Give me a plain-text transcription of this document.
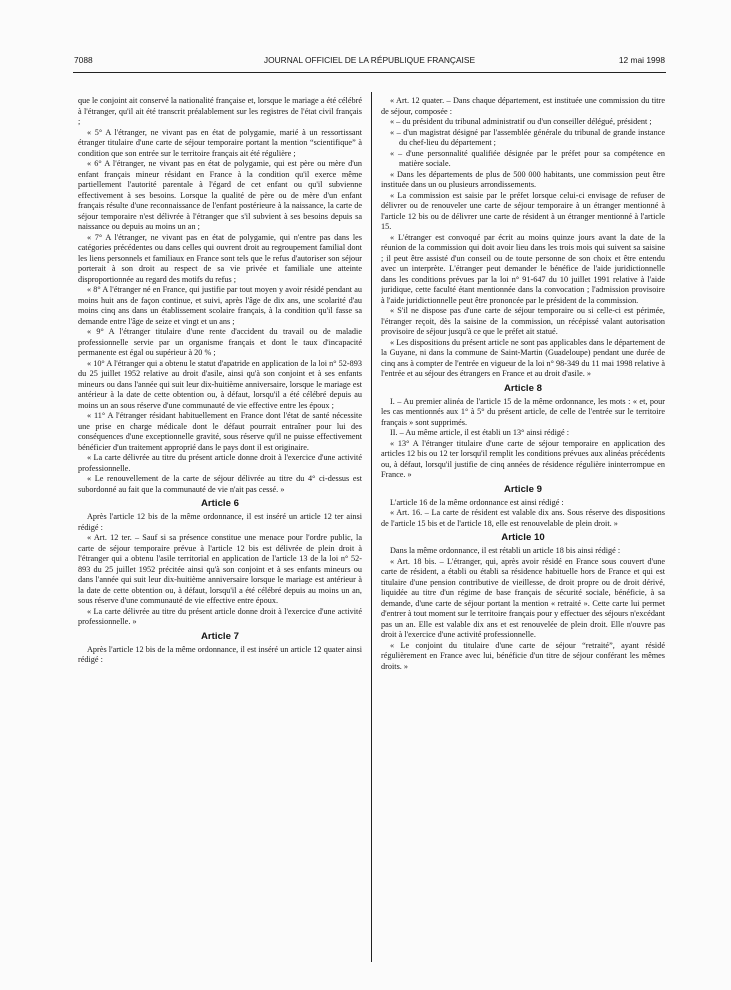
7088	JOURNAL OFFICIEL DE LA RÉPUBLIQUE FRANÇAISE	12 mai 1998

que le conjoint ait conservé la nationalité française et, lorsque le mariage a été célébré à l'étranger, qu'il ait été transcrit préalablement sur les registres de l'état civil français ;

« 5° A l'étranger, ne vivant pas en état de polygamie, marié à un ressortissant étranger titulaire d'une carte de séjour temporaire portant la mention “scientifique” à condition que son entrée sur le territoire français ait été régulière ;

« 6° A l'étranger, ne vivant pas en état de polygamie, qui est père ou mère d'un enfant français mineur résidant en France à la condition qu'il exerce même partiellement l'autorité parentale à l'égard de cet enfant ou qu'il subvienne effectivement à ses besoins. Lorsque la qualité de père ou de mère d'un enfant français résulte d'une reconnaissance de l'enfant postérieure à la naissance, la carte de séjour temporaire n'est délivrée à l'étranger que s'il subvient à ses besoins depuis sa naissance ou depuis au moins un an ;

« 7° A l'étranger, ne vivant pas en état de polygamie, qui n'entre pas dans les catégories précédentes ou dans celles qui ouvrent droit au regroupement familial dont les liens personnels et familiaux en France sont tels que le refus d'autoriser son séjour porterait à son droit au respect de sa vie privée et familiale une atteinte disproportionnée au regard des motifs du refus ;

« 8° A l'étranger né en France, qui justifie par tout moyen y avoir résidé pendant au moins huit ans de façon continue, et suivi, après l'âge de dix ans, une scolarité d'au moins cinq ans dans un établissement scolaire français, à la condition qu'il fasse sa demande entre l'âge de seize et vingt et un ans ;

« 9° A l'étranger titulaire d'une rente d'accident du travail ou de maladie professionnelle servie par un organisme français et dont le taux d'incapacité permanente est égal ou supérieur à 20 % ;

« 10° A l'étranger qui a obtenu le statut d'apatride en application de la loi n° 52-893 du 25 juillet 1952 relative au droit d'asile, ainsi qu'à son conjoint et à ses enfants mineurs ou dans l'année qui suit leur dix-huitième anniversaire, lorsque le mariage est antérieur à la date de cette obtention ou, à défaut, lorsqu'il a été célébré depuis au moins un an sous réserve d'une communauté de vie effective entre les époux ;

« 11° A l'étranger résidant habituellement en France dont l'état de santé nécessite une prise en charge médicale dont le défaut pourrait entraîner pour lui des conséquences d'une exceptionnelle gravité, sous réserve qu'il ne puisse effectivement bénéficier d'un traitement approprié dans le pays dont il est originaire.

« La carte délivrée au titre du présent article donne droit à l'exercice d'une activité professionnelle.

« Le renouvellement de la carte de séjour délivrée au titre du 4° ci-dessus est subordonné au fait que la communauté de vie n'ait pas cessé. »

Article 6

Après l'article 12 bis de la même ordonnance, il est inséré un article 12 ter ainsi rédigé :

« Art. 12 ter. – Sauf si sa présence constitue une menace pour l'ordre public, la carte de séjour temporaire prévue à l'article 12 bis est délivrée de plein droit à l'étranger qui a obtenu l'asile territorial en application de l'article 13 de la loi n° 52-893 du 25 juillet 1952 précitée ainsi qu'à son conjoint et à ses enfants mineurs ou dans l'année qui suit leur dix-huitième anniversaire lorsque le mariage est antérieur à la date de cette obtention ou, à défaut, lorsqu'il a été célébré depuis au moins un an, sous réserve d'une communauté de vie effective entre époux.

« La carte délivrée au titre du présent article donne droit à l'exercice d'une activité professionnelle. »

Article 7

Après l'article 12 bis de la même ordonnance, il est inséré un article 12 quater ainsi rédigé :

« Art. 12 quater. – Dans chaque département, est instituée une commission du titre de séjour, composée :

« – du président du tribunal administratif ou d'un conseiller délégué, président ;

« – d'un magistrat désigné par l'assemblée générale du tribunal de grande instance du chef-lieu du département ;

« – d'une personnalité qualifiée désignée par le préfet pour sa compétence en matière sociale.

« Dans les départements de plus de 500 000 habitants, une commission peut être instituée dans un ou plusieurs arrondissements.

« La commission est saisie par le préfet lorsque celui-ci envisage de refuser de délivrer ou de renouveler une carte de séjour temporaire à un étranger mentionné à l'article 12 bis ou de délivrer une carte de résident à un étranger mentionné à l'article 15.

« L'étranger est convoqué par écrit au moins quinze jours avant la date de la réunion de la commission qui doit avoir lieu dans les trois mois qui suivent sa saisine ; il peut être assisté d'un conseil ou de toute personne de son choix et être entendu avec un interprète. L'étranger peut demander le bénéfice de l'aide juridictionnelle dans les conditions prévues par la loi n° 91-647 du 10 juillet 1991 relative à l'aide juridique, cette faculté étant mentionnée dans la convocation ; l'admission provisoire à l'aide juridictionnelle peut être prononcée par le président de la commission.

« S'il ne dispose pas d'une carte de séjour temporaire ou si celle-ci est périmée, l'étranger reçoit, dès la saisine de la commission, un récépissé valant autorisation provisoire de séjour jusqu'à ce que le préfet ait statué.

« Les dispositions du présent article ne sont pas applicables dans le département de la Guyane, ni dans la commune de Saint-Martin (Guadeloupe) pendant une durée de cinq ans à compter de l'entrée en vigueur de la loi n° 98-349 du 11 mai 1998 relative à l'entrée et au séjour des étrangers en France et au droit d'asile. »

Article 8

I. – Au premier alinéa de l'article 15 de la même ordonnance, les mots : « et, pour les cas mentionnés aux 1° à 5° du présent article, de celle de l'entrée sur le territoire français » sont supprimés.

II. – Au même article, il est établi un 13° ainsi rédigé :

« 13° A l'étranger titulaire d'une carte de séjour temporaire en application des articles 12 bis ou 12 ter lorsqu'il remplit les conditions prévues aux alinéas précédents ou, à défaut, lorsqu'il justifie de cinq années de résidence régulière ininterrompue en France. »

Article 9

L'article 16 de la même ordonnance est ainsi rédigé :

« Art. 16. – La carte de résident est valable dix ans. Sous réserve des dispositions de l'article 15 bis et de l'article 18, elle est renouvelable de plein droit. »

Article 10

Dans la même ordonnance, il est rétabli un article 18 bis ainsi rédigé :

« Art. 18 bis. – L'étranger, qui, après avoir résidé en France sous couvert d'une carte de résident, a établi ou établi sa résidence habituelle hors de France et qui est titulaire d'une pension contributive de vieillesse, de droit propre ou de droit dérivé, liquidée au titre d'un régime de base français de sécurité sociale, bénéficie, à sa demande, d'une carte de séjour portant la mention « retraité ». Cette carte lui permet d'entrer à tout moment sur le territoire français pour y effectuer des séjours n'excédant pas un an. Elle est valable dix ans et est renouvelée de plein droit. Elle n'ouvre pas droit à l'exercice d'une activité professionnelle.

« Le conjoint du titulaire d'une carte de séjour “retraité”, ayant résidé régulièrement en France avec lui, bénéficie d'un titre de séjour conférant les mêmes droits. »
